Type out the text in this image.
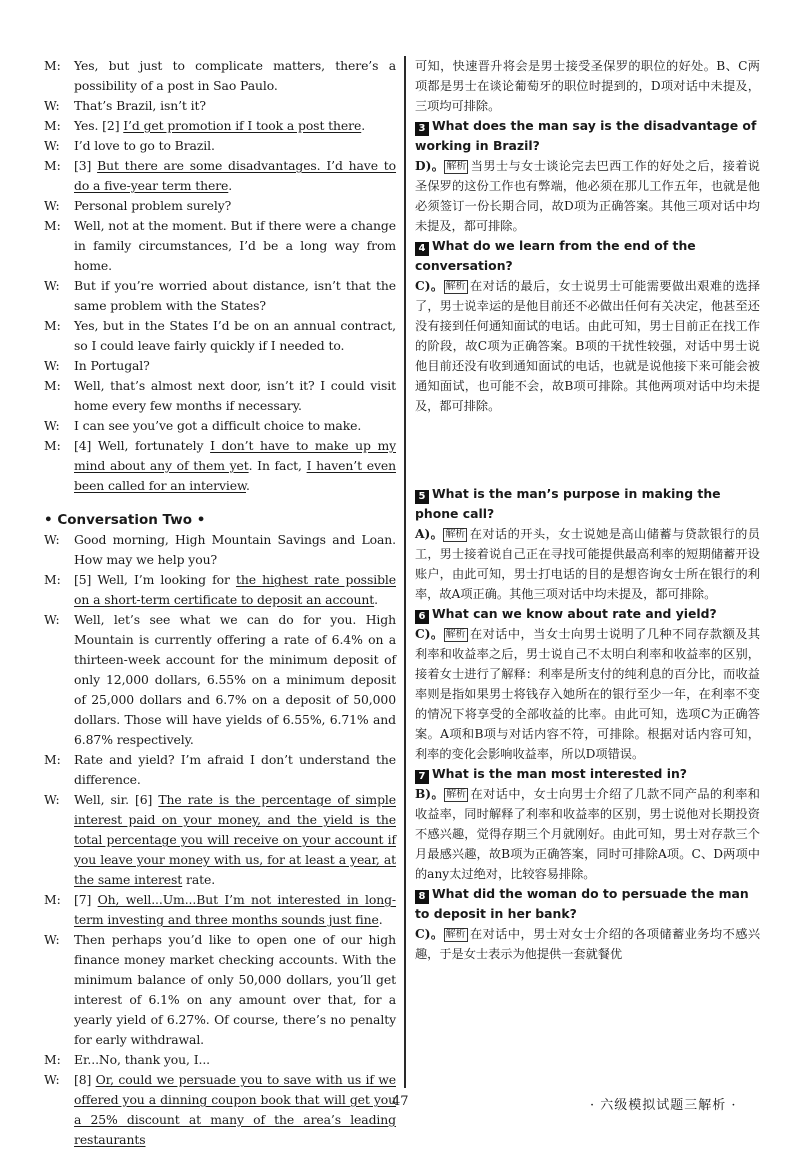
M:	Yes, but just to complicate matters, there’s a possibility of a post in Sao Paulo.
W:	That’s Brazil, isn’t it?
M:	Yes. [2] I’d get promotion if I took a post there.
W:	I’d love to go to Brazil.
M:	[3] But there are some disadvantages. I’d have to do a five-year term there.
W:	Personal problem surely?
M:	Well, not at the moment. But if there were a change in family circumstances, I’d be a long way from home.
W:	But if you’re worried about distance, isn’t that the same problem with the States?
M:	Yes, but in the States I’d be on an annual contract, so I could leave fairly quickly if I needed to.
W:	In Portugal?
M:	Well, that’s almost next door, isn’t it? I could visit home every few months if necessary.
W:	I can see you’ve got a difficult choice to make.
M:	[4] Well, fortunately I don’t have to make up my mind about any of them yet. In fact, I haven’t even been called for an interview.
• Conversation Two •
W:	Good morning, High Mountain Savings and Loan. How may we help you?
M:	[5] Well, I’m looking for the highest rate possible on a short-term certificate to deposit an account.
W:	Well, let’s see what we can do for you. High Mountain is currently offering a rate of 6.4% on a thirteen-week account for the minimum deposit of only 12,000 dollars, 6.55% on a minimum deposit of 25,000 dollars and 6.7% on a deposit of 50,000 dollars. Those will have yields of 6.55%, 6.71% and 6.87% respectively.
M:	Rate and yield? I’m afraid I don’t understand the difference.
W:	Well, sir. [6] The rate is the percentage of simple interest paid on your money, and the yield is the total percentage you will receive on your account if you leave your money with us, for at least a year, at the same interest rate.
M:	[7] Oh, well...Um...But I’m not interested in long-term investing and three months sounds just fine.
W:	Then perhaps you’d like to open one of our high finance money market checking accounts. With the minimum balance of only 50,000 dollars, you’ll get interest of 6.1% on any amount over that, for a yearly yield of 6.27%. Of course, there’s no penalty for early withdrawal.
M:	Er...No, thank you, I...
W:	[8] Or, could we persuade you to save with us if we offered you a dinning coupon book that will get you a 25% discount at many of the area’s leading restaurants
可知，快速晋升将会是男士接受圣保罗的职位的好处。B、C两项都是男士在谈论葡萄牙的职位时提到的，D项对话中未提及，三项均可排除。
3 What does the man say is the disadvantage of working in Brazil?
D)。 解析 当男士与女士谈论完去巴西工作的好处之后，接着说圣保罗的这份工作也有弊端，他必须在那儿工作五年，也就是他必须签订一份长期合同，故D项为正确答案。其他三项对话中均未提及，都可排除。
4 What do we learn from the end of the conversation?
C)。 解析 在对话的最后，女士说男士可能需要做出艰难的选择了，男士说幸运的是他目前还不必做出任何有关决定，他甚至还没有接到任何通知面试的电话。由此可知，男士目前正在找工作的阶段，故C项为正确答案。B项的干扰性较强，对话中男士说他目前还没有收到通知面试的电话，也就是说他接下来可能会被通知面试，也可能不会，故B项可排除。其他两项对话中均未提及，都可排除。
5 What is the man’s purpose in making the phone call?
A)。 解析 在对话的开头，女士说她是高山储蓄与贷款银行的员工，男士接着说自己正在寻找可能提供最高利率的短期储蓄开设账户，由此可知，男士打电话的目的是想咨询女士所在银行的利率，故A项正确。其他三项对话中均未提及，都可排除。
6 What can we know about rate and yield?
C)。 解析 在对话中，当女士向男士说明了几种不同存款额及其利率和收益率之后，男士说自己不太明白利率和收益率的区别，接着女士进行了解释：利率是所支付的纯利息的百分比，而收益率则是指如果男士将钱存入她所在的银行至少一年，在利率不变的情况下将享受的全部收益的比率。由此可知，选项C为正确答案。A项和B项与对话内容不符，可排除。根据对话内容可知，利率的变化会影响收益率，所以D项错误。
7 What is the man most interested in?
B)。 解析 在对话中，女士向男士介绍了几款不同产品的利率和收益率，同时解释了利率和收益率的区别，男士说他对长期投资不感兴趣，觉得存期三个月就刚好。由此可知，男士对存款三个月最感兴趣，故B项为正确答案，同时可排除A项。C、D两项中的any太过绝对，比较容易排除。
8 What did the woman do to persuade the man to deposit in her bank?
C)。 解析 在对话中，男士对女士介绍的各项储蓄业务均不感兴趣，于是女士表示为他提供一套就餐优
47	· 六级模拟试题三解析 ·
